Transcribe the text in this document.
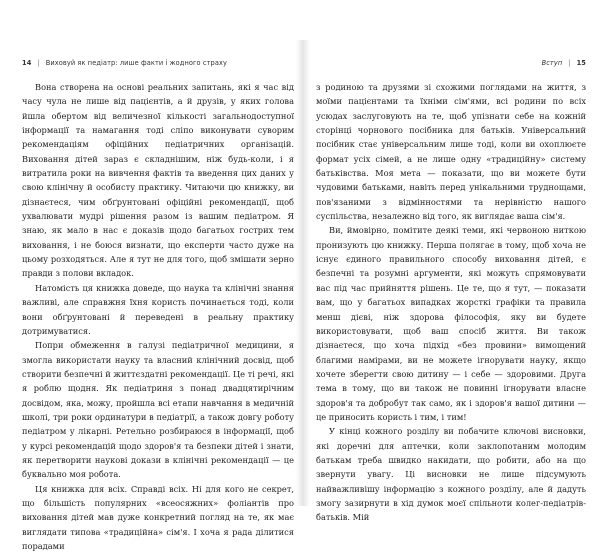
14 | Виховуй як педіатр: лише факти і жодного страху

Вона створена на основі реальних запитань, які я час від часу чула не лише від пацієнтів, а й друзів, у яких голова йшла обертом від величезної кількості загальнодоступної інформації та намагання тоді сліпо виконувати суворим рекомендаціям офіційних педіатричних організацій. Виховання дітей зараз є складнішим, ніж будь-коли, і я витратила роки на вивчення фактів та введення цих даних у свою клінічну й особисту практику. Читаючи цю книжку, ви дізнаєтеся, чим обґрунтовані офіційні рекомендації, щоб ухвалювати мудрі рішення разом із вашим педіатром. Я знаю, як мало в нас є доказів щодо багатьох гострих тем виховання, і не боюся визнати, що експерти часто дуже на цьому розходяться. Але я тут не для того, щоб змішати зерно правди з полови вкладок.

Натомість ця книжка доведе, що наука та клінічні знання важливі, але справжня їхня користь починається тоді, коли вони обґрунтовані й переведені в реальну практику дотримуватися.

Попри обмеження в галузі педіатричної медицини, я змогла використати науку та власний клінічний досвід, щоб створити безпечні й життєздатні рекомендації. Це ті речі, які я роблю щодня. Як педіатриня з понад двадцятирічним досвідом, яка, можу, пройшла всі етапи навчання в медичній школі, три роки ординатури в педіатрії, а також довгу роботу педіатром у лікарні. Ретельно розбираюся в інформації, щоб у курсі рекомендацій щодо здоров'я та безпеки дітей і знати, як перетворити наукові докази в клінічні рекомендації — це буквально моя робота.

Ця книжка для всіх. Справді всіх. Ні для кого не секрет, що більшість популярних «всеосяжних» фоліантів про виховання дітей мав дуже конкретний погляд на те, як має виглядати типова «традиційна» сім'я. І хоча я рада ділитися порадами

Вступ | 15

з родиною та друзями зі схожими поглядами на життя, з моїми пацієнтами та їхніми сім'ями, всі родини по всіх усюдах заслуговують на те, щоб упізнати себе на кожній сторінці чорнового посібника для батьків. Універсальний посібник стає універсальним лише тоді, коли ви охоплюєте формат усіх сімей, а не лише одну «традиційну» систему батьківства. Моя мета — показати, що ви можете бути чудовими батьками, навіть перед унікальними труднощами, пов'язаними з відмінностями та нерівністю нашого суспільства, незалежно від того, як виглядає ваша сім'я.

Ви, ймовірно, помітите деякі теми, які червоною ниткою пронизують цю книжку. Перша полягає в тому, щоб хоча не існує єдиного правильного способу виховання дітей, є безпечні та розумні аргументи, які можуть спрямовувати вас під час прийняття рішень. Це те, що я тут, — показати вам, що у багатьох випадках жорсткі графіки та правила менш дієві, ніж здорова філософія, яку ви будете використовувати, щоб ваш спосіб життя. Ви також дізнаєтеся, що хоча підхід «без провини» вимощений благими намірами, ви не можете ігнорувати науку, якщо хочете зберегти свою дитину — і себе — здоровими. Друга тема в тому, що ви також не повинні ігнорувати власне здоров'я та добробут так само, як і здоров'я вашої дитини — це приносить користь і тим, і тим!

У кінці кожного розділу ви побачите ключові висновки, які доречні для аптечки, коли заклопотаним молодим батькам треба швидко накидати, що робити, або на що звернути увагу. Ці висновки не лише підсумують найважливішу інформацію з кожного розділу, але й дадуть змогу зазирнути в хід думок моєї спільноти колег-педіатрів-батьків. Мій
